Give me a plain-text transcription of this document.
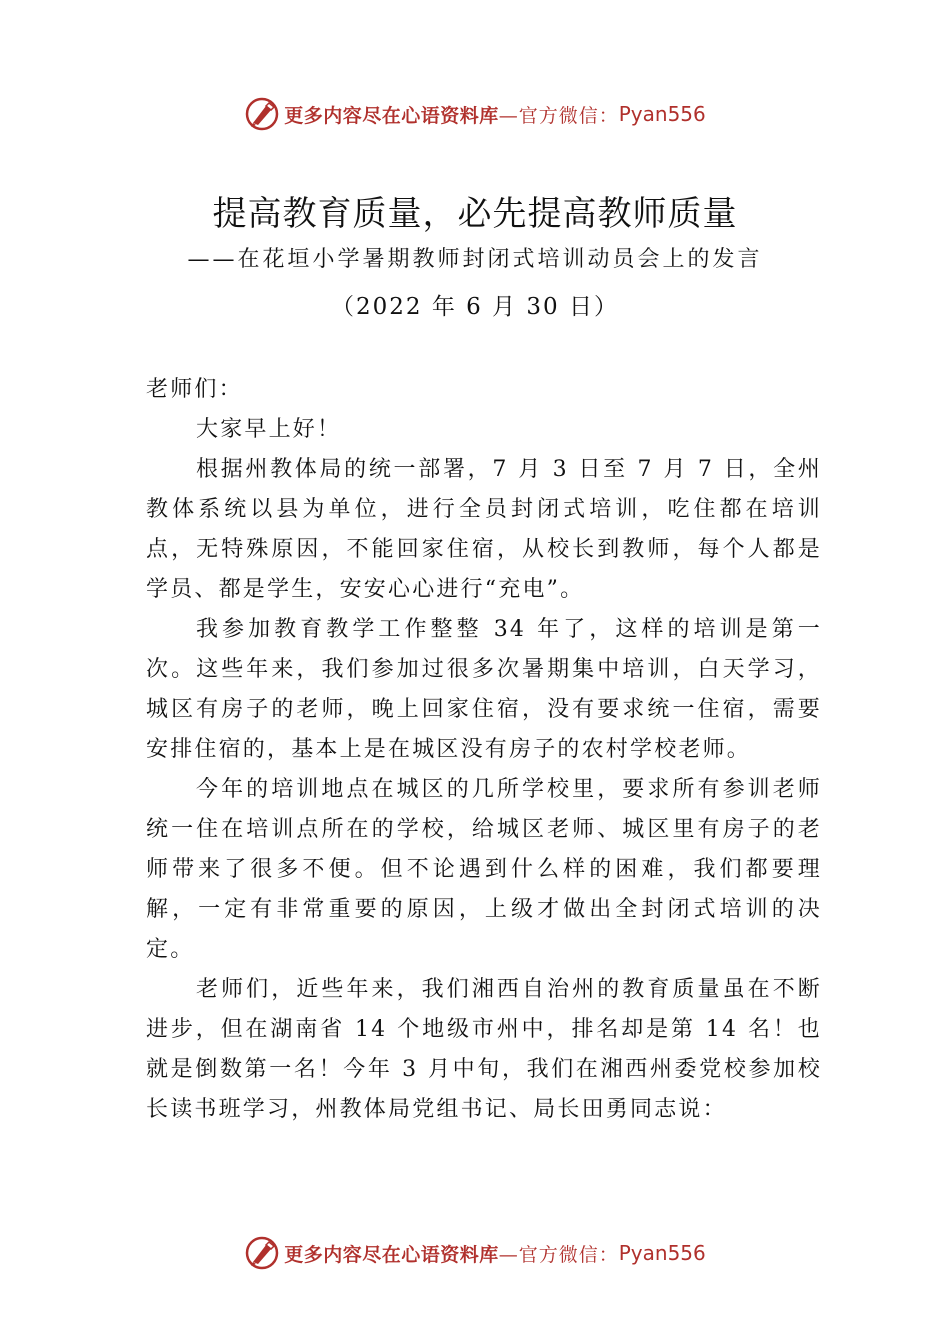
更多内容尽在心语资料库 —官方微信： Pyan556
提高教育质量，必先提高教师质量
——在花垣小学暑期教师封闭式培训动员会上的发言
（2022 年 6 月 30 日）

老师们：

大家早上好！

根据州教体局的统一部署，7 月 3 日至 7 月 7 日，全州教体系统以县为单位，进行全员封闭式培训，吃住都在培训点，无特殊原因，不能回家住宿，从校长到教师，每个人都是学员、都是学生，安安心心进行“充电”。

我参加教育教学工作整整 34 年了，这样的培训是第一次。这些年来，我们参加过很多次暑期集中培训，白天学习，城区有房子的老师，晚上回家住宿，没有要求统一住宿，需要安排住宿的，基本上是在城区没有房子的农村学校老师。

今年的培训地点在城区的几所学校里，要求所有参训老师统一住在培训点所在的学校，给城区老师、城区里有房子的老师带来了很多不便。但不论遇到什么样的困难，我们都要理解，一定有非常重要的原因，上级才做出全封闭式培训的决定。

老师们，近些年来，我们湘西自治州的教育质量虽在不断进步，但在湖南省 14 个地级市州中，排名却是第 14 名！也就是倒数第一名！今年 3 月中旬，我们在湘西州委党校参加校长读书班学习，州教体局党组书记、局长田勇同志说：

更多内容尽在心语资料库 —官方微信： Pyan556
